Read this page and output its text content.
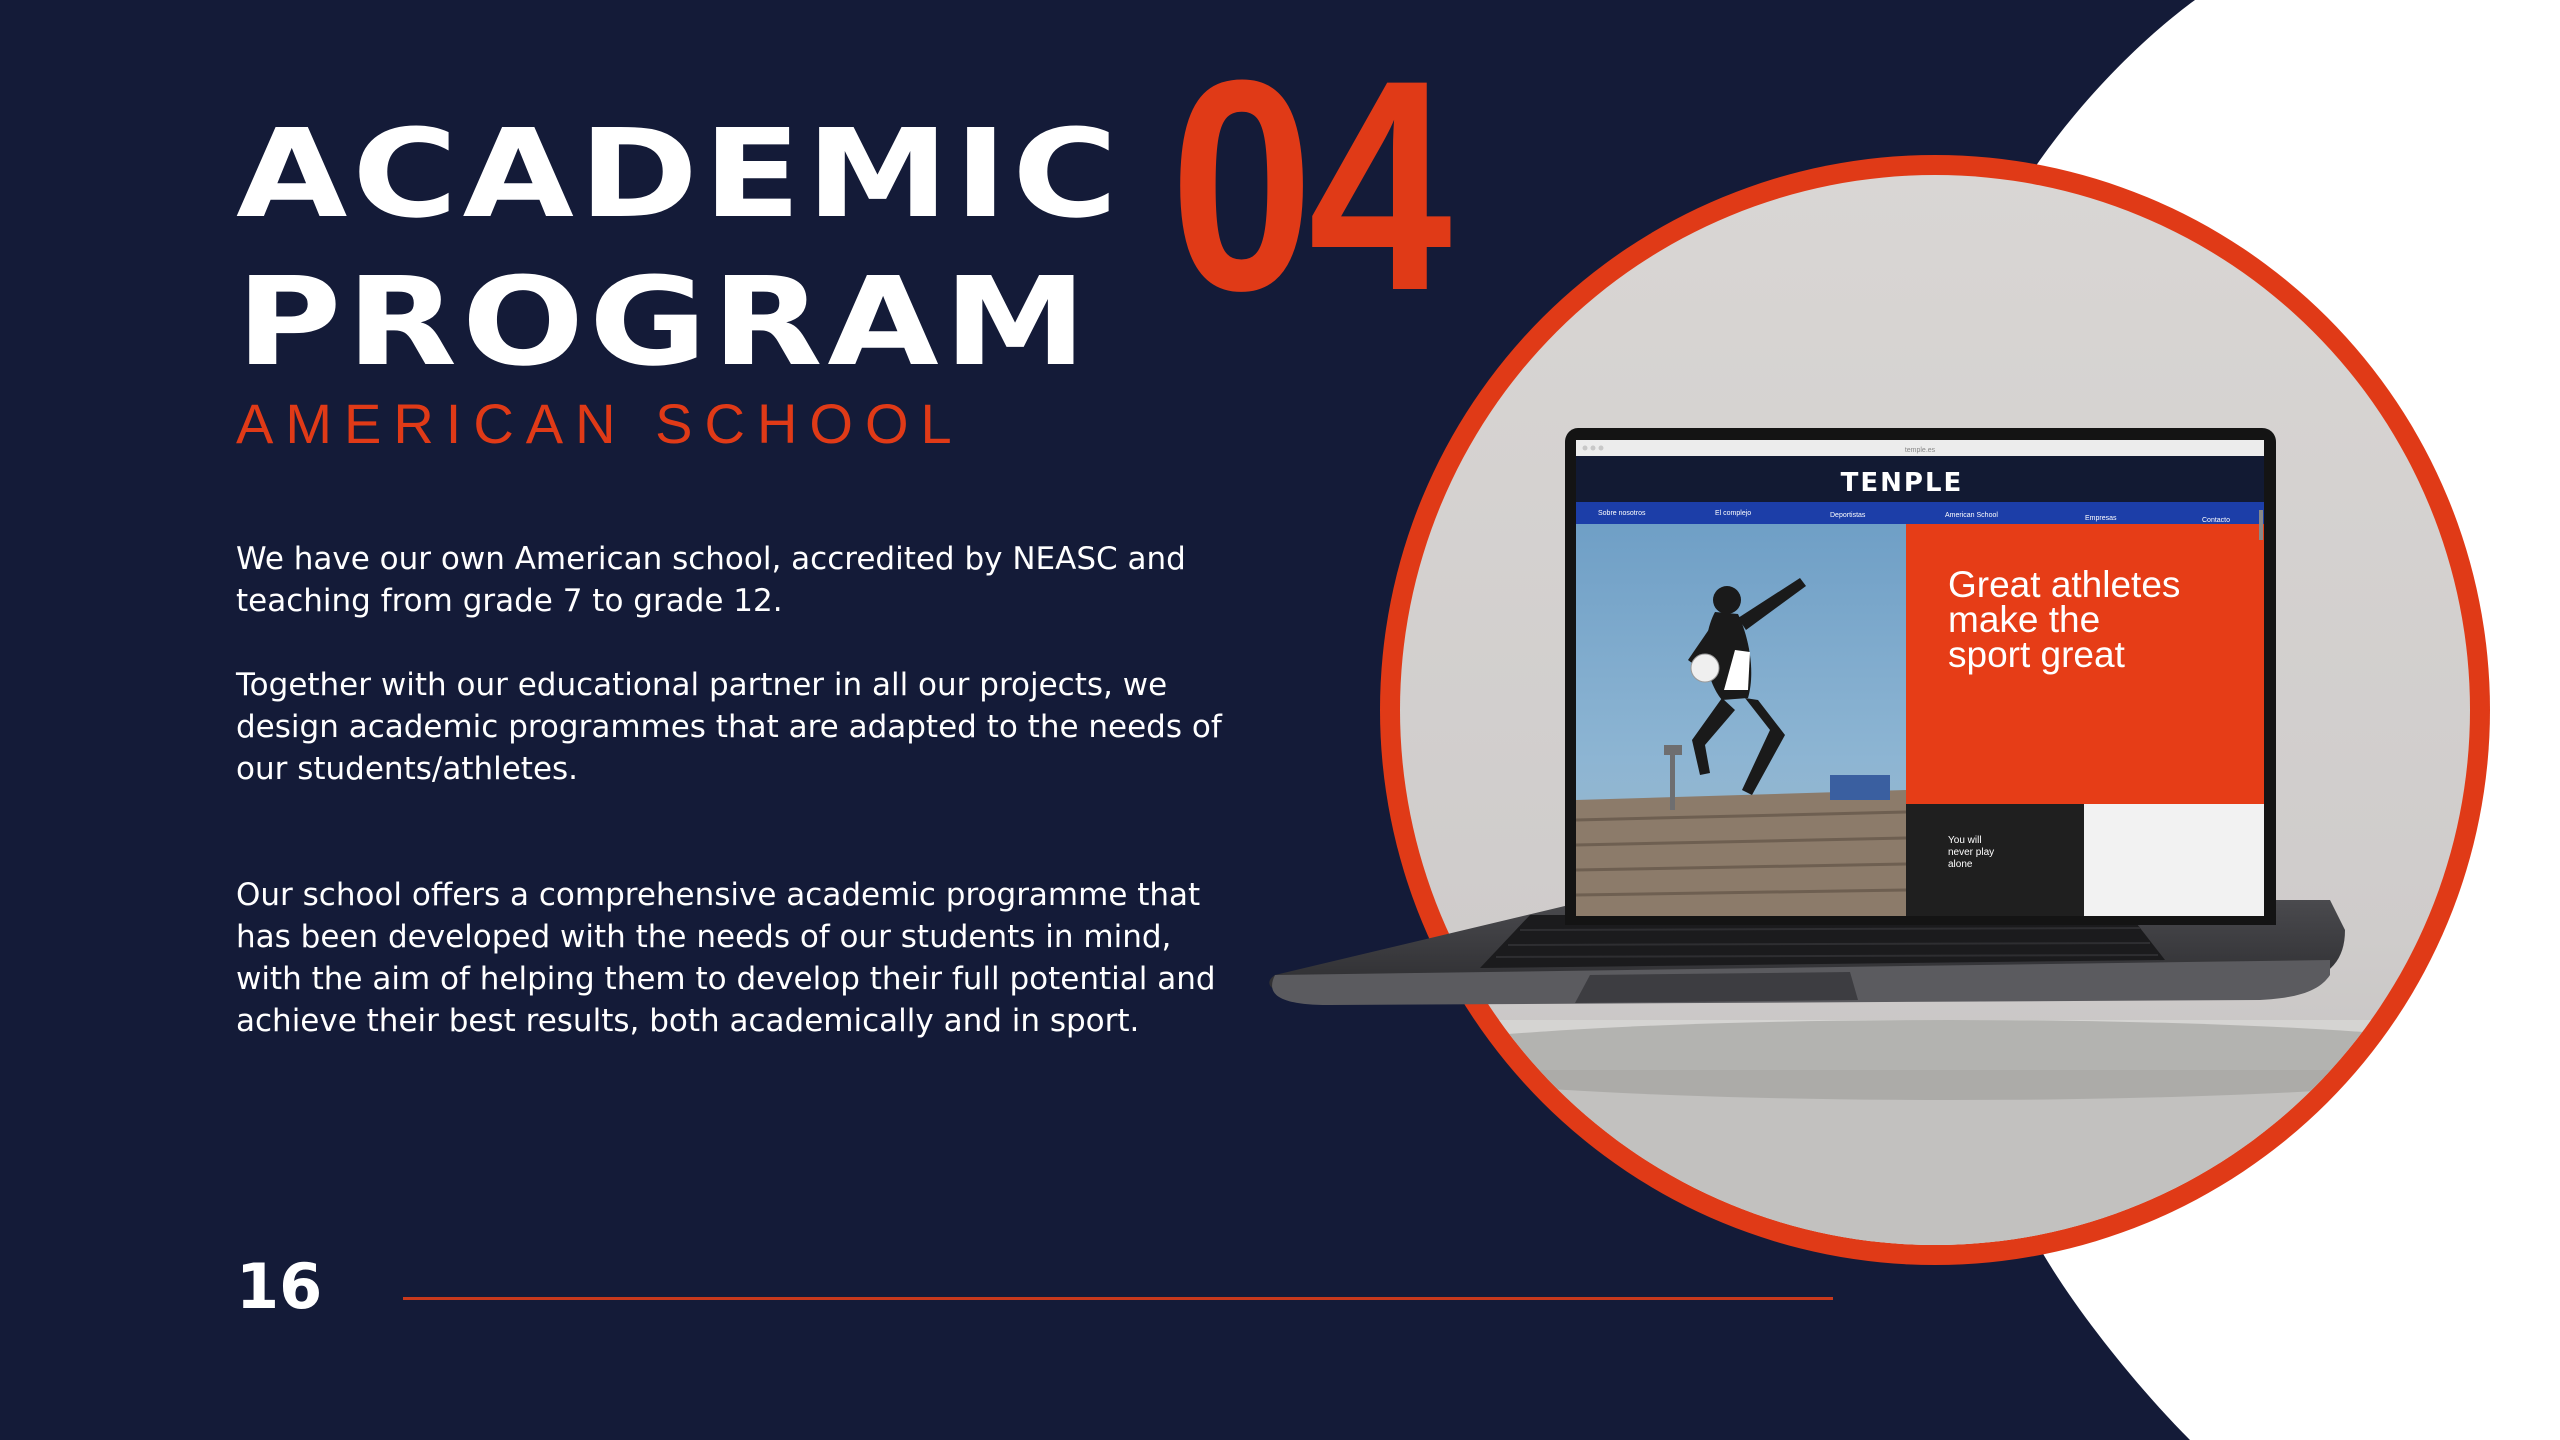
ACADEMIC
PROGRAM 04
AMERICAN SCHOOL

We have our own American school, accredited by NEASC and teaching from grade 7 to grade 12.

Together with our educational partner in all our projects, we design academic programmes that are adapted to the needs of our students/athletes.

Our school offers a comprehensive academic programme that has been developed with the needs of our students in mind, with the aim of helping them to develop their full potential and achieve their best results, both academically and in sport.

16
temple.es
TENPLE
Sobre nosotros	El complejo	Deportistas	American School	Empresas	Contacto
Great athletes
make the
sport great
You will
never play
alone
